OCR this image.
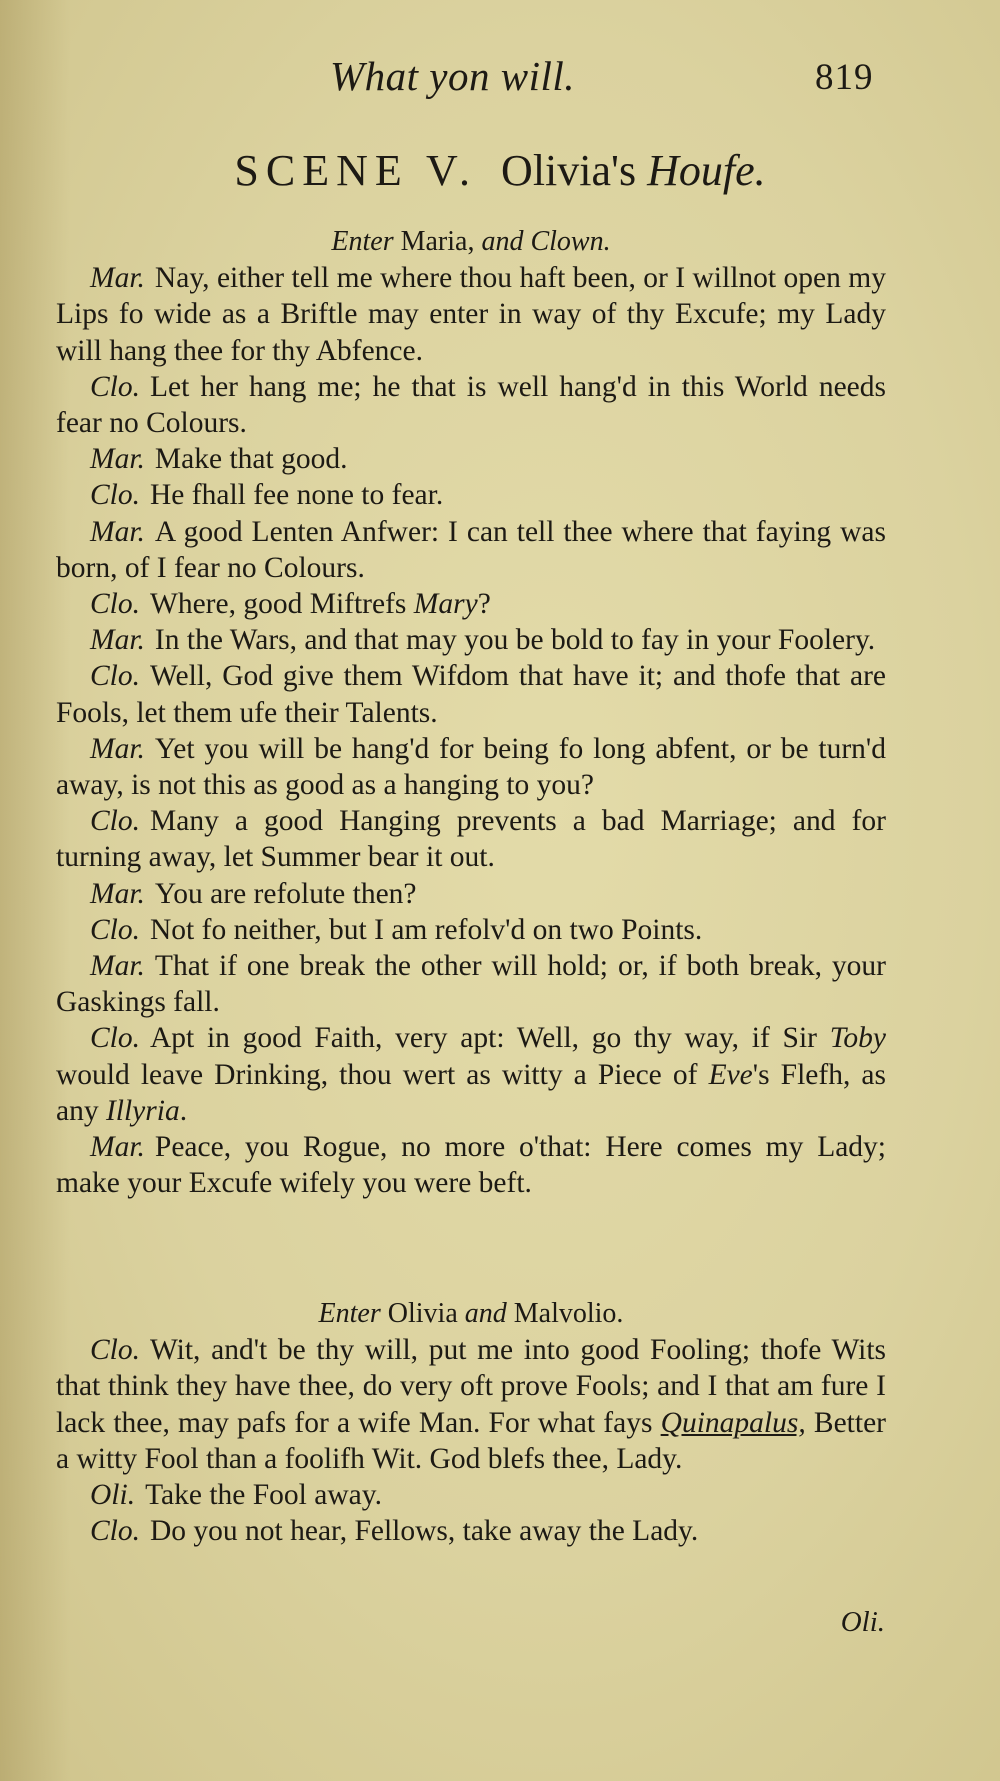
What yon will.	819
SCENE V. Olivia's Houfe.
Enter Maria, and Clown.

Mar. Nay, either tell me where thou haft been, or I willnot open my Lips fo wide as a Briftle may enter in way of thy Excufe; my Lady will hang thee for thy Abfence.

Clo. Let her hang me; he that is well hang'd in this World needs fear no Colours.

Mar. Make that good.

Clo. He fhall fee none to fear.

Mar. A good Lenten Anfwer: I can tell thee where that faying was born, of I fear no Colours.

Clo. Where, good Miftrefs Mary?

Mar. In the Wars, and that may you be bold to fay in your Foolery.

Clo. Well, God give them Wifdom that have it; and thofe that are Fools, let them ufe their Talents.

Mar. Yet you will be hang'd for being fo long abfent, or be turn'd away, is not this as good as a hanging to you?

Clo. Many a good Hanging prevents a bad Marriage; and for turning away, let Summer bear it out.

Mar. You are refolute then?

Clo. Not fo neither, but I am refolv'd on two Points.

Mar. That if one break the other will hold; or, if both break, your Gaskings fall.

Clo. Apt in good Faith, very apt: Well, go thy way, if Sir Toby would leave Drinking, thou wert as witty a Piece of Eve's Flefh, as any Illyria.

Mar. Peace, you Rogue, no more o'that: Here comes my Lady; make your Excufe wifely you were beft.

Enter Olivia and Malvolio.

Clo. Wit, and't be thy will, put me into good Fooling; thofe Wits that think they have thee, do very oft prove Fools; and I that am fure I lack thee, may pafs for a wife Man. For what fays Quinapalus, Better a witty Fool than a foolifh Wit. God blefs thee, Lady.

Oli. Take the Fool away.

Clo. Do you not hear, Fellows, take away the Lady.

Oli.
